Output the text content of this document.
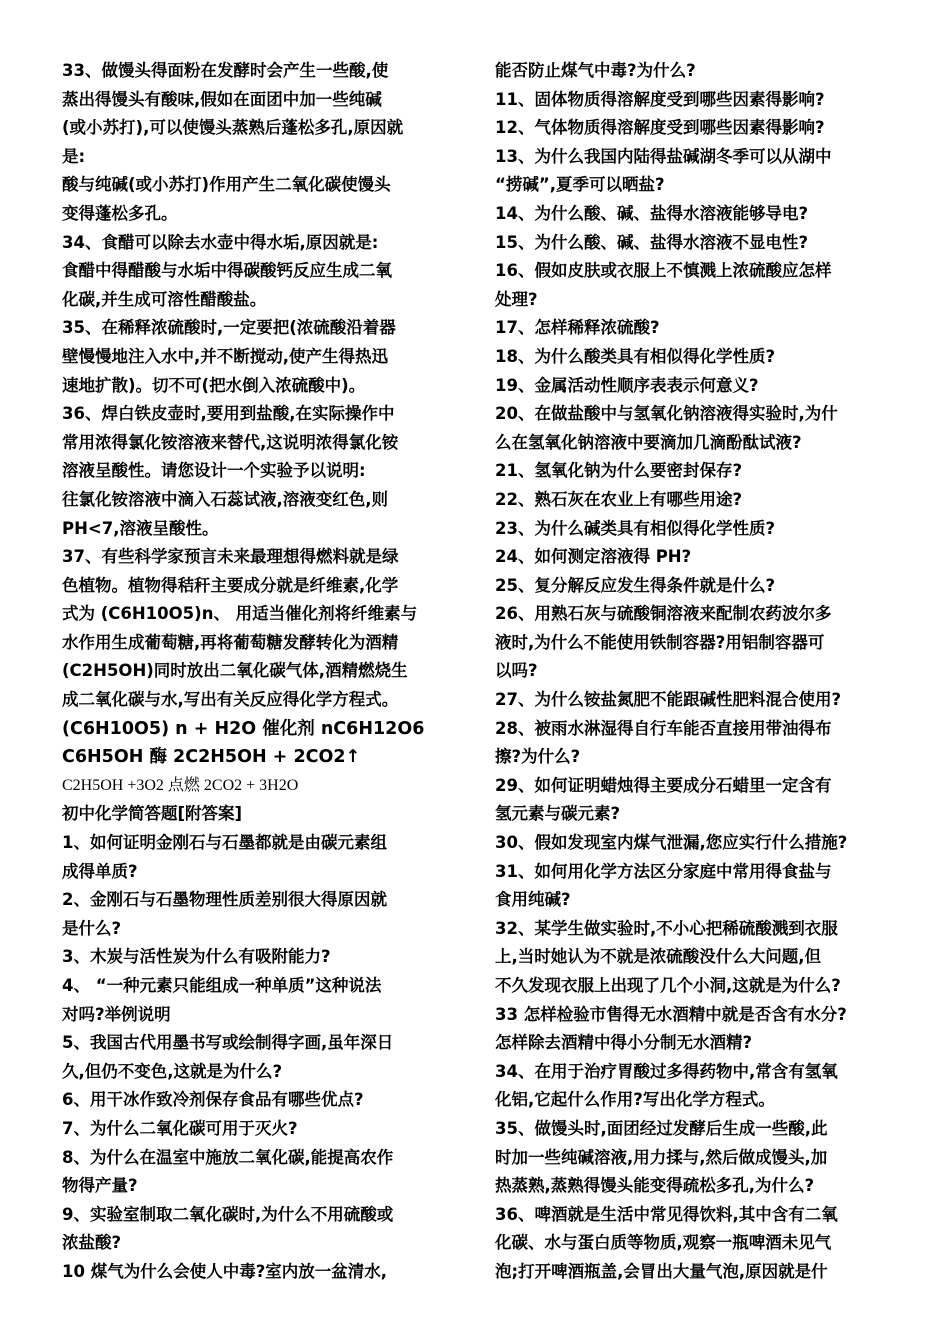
33、做馒头得面粉在发酵时会产生一些酸,使
蒸出得馒头有酸味,假如在面团中加一些纯碱
(或小苏打),可以使馒头蒸熟后蓬松多孔,原因就
是:
酸与纯碱(或小苏打)作用产生二氧化碳使馒头
变得蓬松多孔。
34、食醋可以除去水壶中得水垢,原因就是:
食醋中得醋酸与水垢中得碳酸钙反应生成二氧
化碳,并生成可溶性醋酸盐。
35、在稀释浓硫酸时,一定要把(浓硫酸沿着器
壁慢慢地注入水中,并不断搅动,使产生得热迅
速地扩散)。切不可(把水倒入浓硫酸中)。
36、焊白铁皮壶时,要用到盐酸,在实际操作中
常用浓得氯化铵溶液来替代,这说明浓得氯化铵
溶液呈酸性。请您设计一个实验予以说明:
往氯化铵溶液中滴入石蕊试液,溶液变红色,则
PH<7,溶液呈酸性。
37、有些科学家预言未来最理想得燃料就是绿
色植物。植物得秸秆主要成分就是纤维素,化学
式为 (C6H10O5)n、 用适当催化剂将纤维素与
水作用生成葡萄糖,再将葡萄糖发酵转化为酒精
(C2H5OH)同时放出二氧化碳气体,酒精燃烧生
成二氧化碳与水,写出有关反应得化学方程式。
(C6H10O5) n + H2O 催化剂 nC6H12O6
C6H5OH 酶 2C2H5OH + 2CO2↑
C2H5OH +3O2 点燃 2CO2 + 3H2O
初中化学简答题[附答案]
1、如何证明金刚石与石墨都就是由碳元素组
成得单质?
2、金刚石与石墨物理性质差别很大得原因就
是什么?
3、木炭与活性炭为什么有吸附能力?
4、 “一种元素只能组成一种单质”这种说法
对吗?举例说明
5、我国古代用墨书写或绘制得字画,虽年深日
久,但仍不变色,这就是为什么?
6、用干冰作致冷剂保存食品有哪些优点?
7、为什么二氧化碳可用于灭火?
8、为什么在温室中施放二氧化碳,能提高农作
物得产量?
9、实验室制取二氧化碳时,为什么不用硫酸或
浓盐酸?
10 煤气为什么会使人中毒?室内放一盆清水,
能否防止煤气中毒?为什么?
11、固体物质得溶解度受到哪些因素得影响?
12、气体物质得溶解度受到哪些因素得影响?
13、为什么我国内陆得盐碱湖冬季可以从湖中
“捞碱”,夏季可以晒盐?
14、为什么酸、碱、盐得水溶液能够导电?
15、为什么酸、碱、盐得水溶液不显电性?
16、假如皮肤或衣服上不慎溅上浓硫酸应怎样
处理?
17、怎样稀释浓硫酸?
18、为什么酸类具有相似得化学性质?
19、金属活动性顺序表表示何意义?
20、在做盐酸中与氢氧化钠溶液得实验时,为什
么在氢氧化钠溶液中要滴加几滴酚酞试液?
21、氢氧化钠为什么要密封保存?
22、熟石灰在农业上有哪些用途?
23、为什么碱类具有相似得化学性质?
24、如何测定溶液得 PH?
25、复分解反应发生得条件就是什么?
26、用熟石灰与硫酸铜溶液来配制农药波尔多
液时,为什么不能使用铁制容器?用铝制容器可
以吗?
27、为什么铵盐氮肥不能跟碱性肥料混合使用?
28、被雨水淋湿得自行车能否直接用带油得布
擦?为什么?
29、如何证明蜡烛得主要成分石蜡里一定含有
氢元素与碳元素?
30、假如发现室内煤气泄漏,您应实行什么措施?
31、如何用化学方法区分家庭中常用得食盐与
食用纯碱?
32、某学生做实验时,不小心把稀硫酸溅到衣服
上,当时她认为不就是浓硫酸没什么大问题,但
不久发现衣服上出现了几个小洞,这就是为什么?
33 怎样检验市售得无水酒精中就是否含有水分?
怎样除去酒精中得小分制无水酒精?
34、在用于治疗胃酸过多得药物中,常含有氢氧
化铝,它起什么作用?写出化学方程式。
35、做馒头时,面团经过发酵后生成一些酸,此
时加一些纯碱溶液,用力揉与,然后做成馒头,加
热蒸熟,蒸熟得馒头能变得疏松多孔,为什么?
36、啤酒就是生活中常见得饮料,其中含有二氧
化碳、水与蛋白质等物质,观察一瓶啤酒未见气
泡;打开啤酒瓶盖,会冒出大量气泡,原因就是什
